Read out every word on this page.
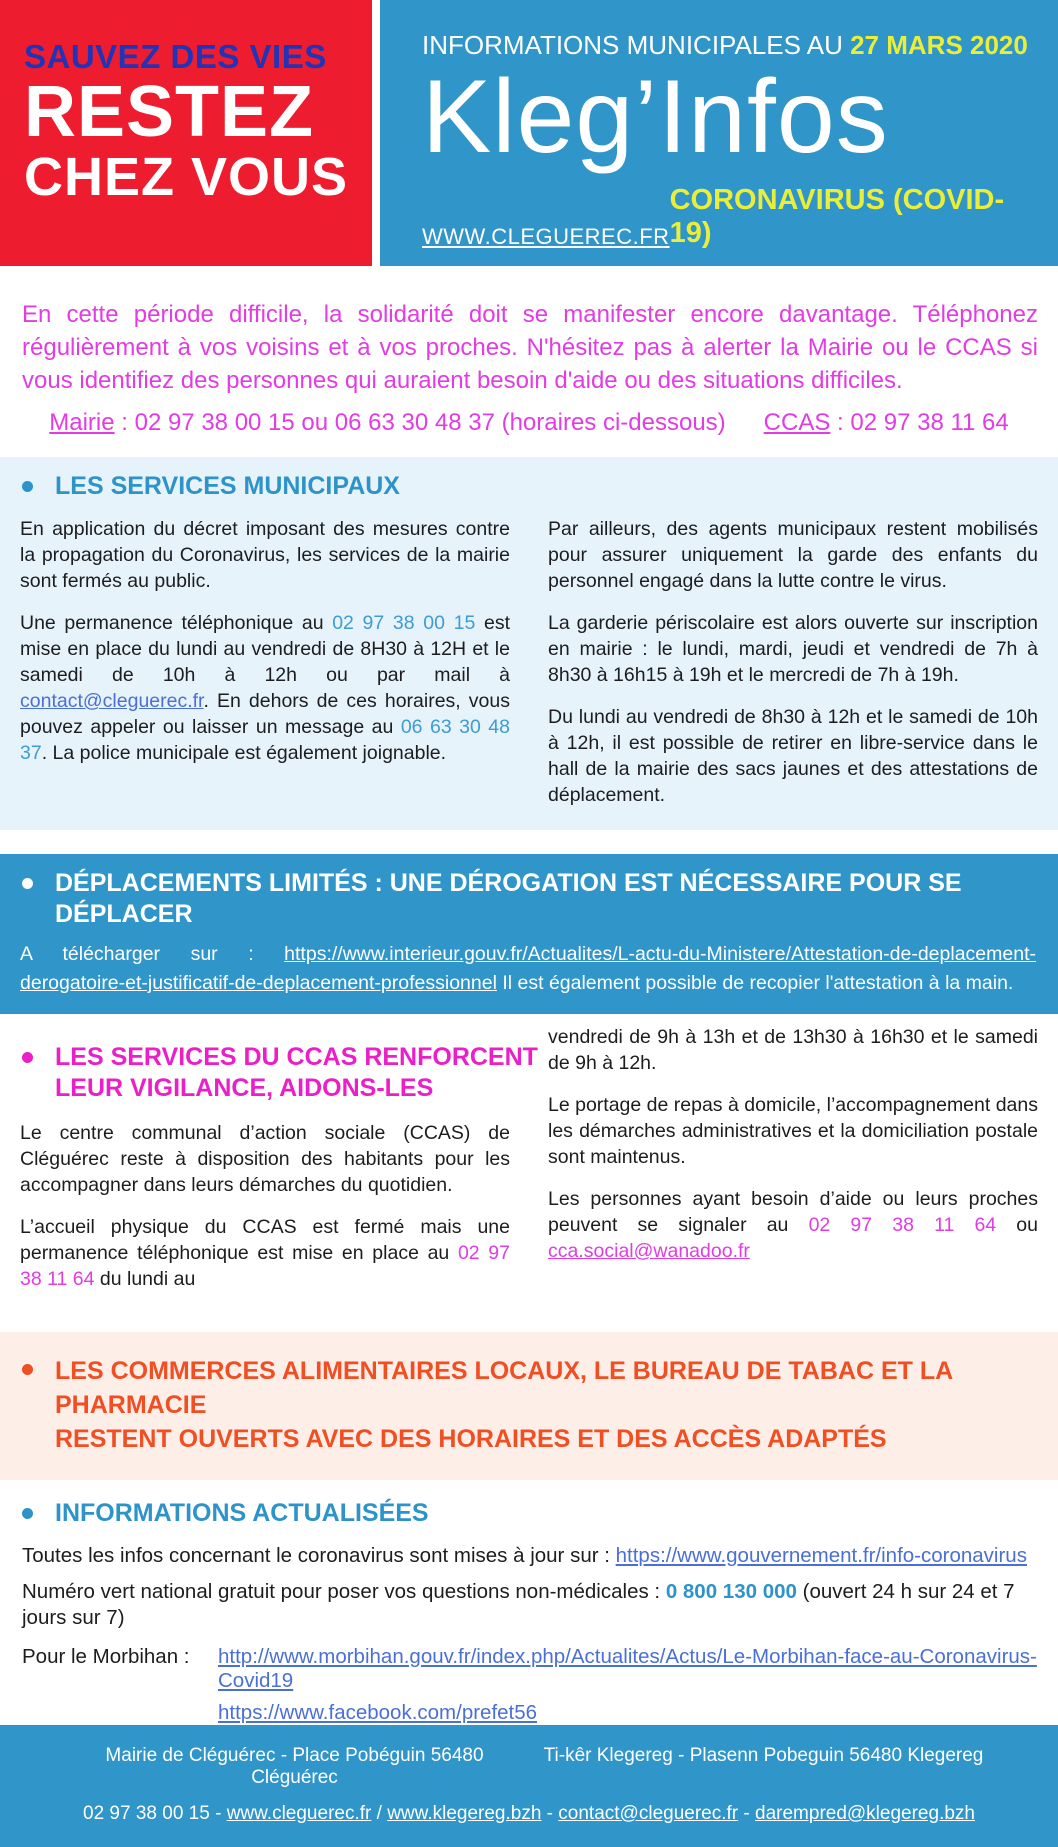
SAUVEZ DES VIES
RESTEZ
CHEZ VOUS
INFORMATIONS MUNICIPALES AU 27 MARS 2020
Kleg’Infos
WWW.CLEGUEREC.FR
CORONAVIRUS (COVID-19)
En cette période difficile, la solidarité doit se manifester encore davantage. Téléphonez régulièrement à vos voisins et à vos proches. N'hésitez pas à alerter la Mairie ou le CCAS si vous identifiez des personnes qui auraient besoin d'aide ou des situations difficiles.
Mairie : 02 97 38 00 15 ou 06 63 30 48 37 (horaires ci-dessous) CCAS : 02 97 38 11 64
LES SERVICES MUNICIPAUX

En application du décret imposant des mesures contre la propagation du Coronavirus, les services de la mairie sont fermés au public.

Une permanence téléphonique au 02 97 38 00 15 est mise en place du lundi au vendredi de 8H30 à 12H et le samedi de 10h à 12h ou par mail à contact@cleguerec.fr. En dehors de ces horaires, vous pouvez appeler ou laisser un message au 06 63 30 48 37. La police municipale est également joignable.

Par ailleurs, des agents municipaux restent mobilisés pour assurer uniquement la garde des enfants du personnel engagé dans la lutte contre le virus.

La garderie périscolaire est alors ouverte sur inscription en mairie : le lundi, mardi, jeudi et vendredi de 7h à 8h30 à 16h15 à 19h et le mercredi de 7h à 19h.

Du lundi au vendredi de 8h30 à 12h et le samedi de 10h à 12h, il est possible de retirer en libre-service dans le hall de la mairie des sacs jaunes et des attestations de déplacement.

DÉPLACEMENTS LIMITÉS : UNE DÉROGATION EST NÉCESSAIRE POUR SE DÉPLACER
A télécharger sur : https://www.interieur.gouv.fr/Actualites/L-actu-du-Ministere/Attestation-de-deplacement-derogatoire-et-justificatif-de-deplacement-professionnel Il est également possible de recopier l'attestation à la main.
LES SERVICES DU CCAS RENFORCENT
LEUR VIGILANCE, AIDONS-LES

Le centre communal d’action sociale (CCAS) de Cléguérec reste à disposition des habitants pour les accompagner dans leurs démarches du quotidien.

L’accueil physique du CCAS est fermé mais une permanence téléphonique est mise en place au 02 97 38 11 64 du lundi au

vendredi de 9h à 13h et de 13h30 à 16h30 et le samedi de 9h à 12h.

Le portage de repas à domicile, l’accompagnement dans les démarches administratives et la domiciliation postale sont maintenus.

Les personnes ayant besoin d’aide ou leurs proches peuvent se signaler au 02 97 38 11 64 ou cca.social@wanadoo.fr

LES COMMERCES ALIMENTAIRES LOCAUX, LE BUREAU DE TABAC ET LA PHARMACIE
RESTENT OUVERTS AVEC DES HORAIRES ET DES ACCÈS ADAPTÉS
INFORMATIONS ACTUALISÉES
Toutes les infos concernant le coronavirus sont mises à jour sur : https://www.gouvernement.fr/info-coronavirus
Numéro vert national gratuit pour poser vos questions non-médicales : 0 800 130 000 (ouvert 24 h sur 24 et 7 jours sur 7)
Pour le Morbihan :	http://www.morbihan.gouv.fr/index.php/Actualites/Actus/Le-Morbihan-face-au-Coronavirus-Covid19
https://www.facebook.com/prefet56
Mairie de Cléguérec - Place Pobéguin 56480 Cléguérec
Ti-kêr Klegereg - Plasenn Pobeguin 56480 Klegereg
02 97 38 00 15 - www.cleguerec.fr / www.klegereg.bzh - contact@cleguerec.fr - darempred@klegereg.bzh
